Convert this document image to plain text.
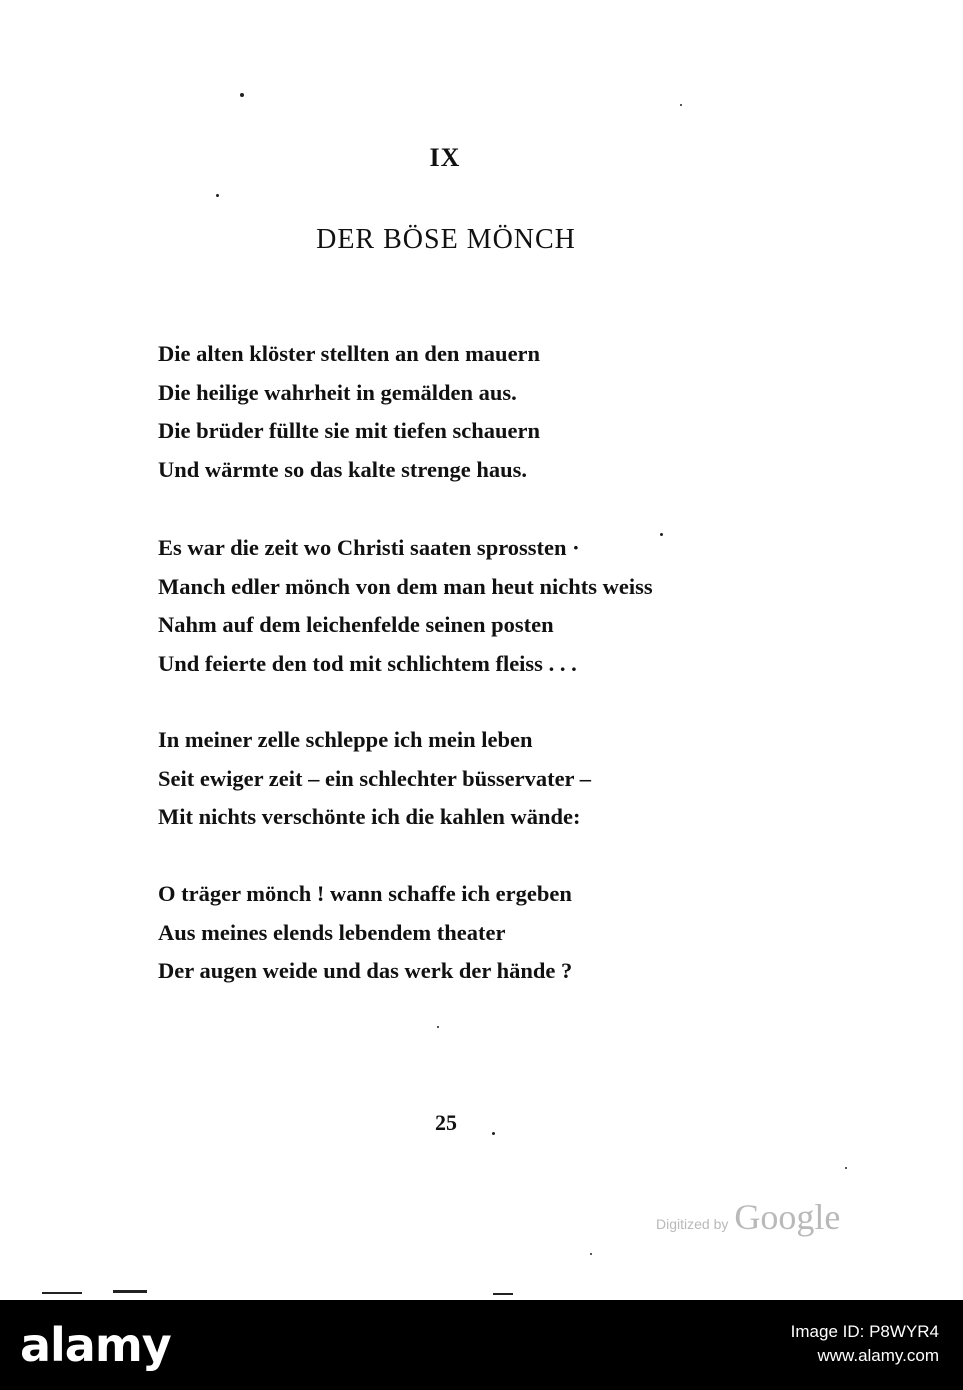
IX
DER BÖSE MÖNCH

Die alten klöster stellten an den mauern
Die heilige wahrheit in gemälden aus.
Die brüder füllte sie mit tiefen schauern
Und wärmte so das kalte strenge haus.

Es war die zeit wo Christi saaten sprossten ·
Manch edler mönch von dem man heut nichts weiss
Nahm auf dem leichenfelde seinen posten
Und feierte den tod mit schlichtem fleiss . . .

In meiner zelle schleppe ich mein leben
Seit ewiger zeit – ein schlechter büsservater –
Mit nichts verschönte ich die kahlen wände:

O träger mönch ! wann schaffe ich ergeben
Aus meines elends lebendem theater
Der augen weide und das werk der hände ?

25
Digitized by Google
alamy	Image ID: P8WYR4
www.alamy.com
